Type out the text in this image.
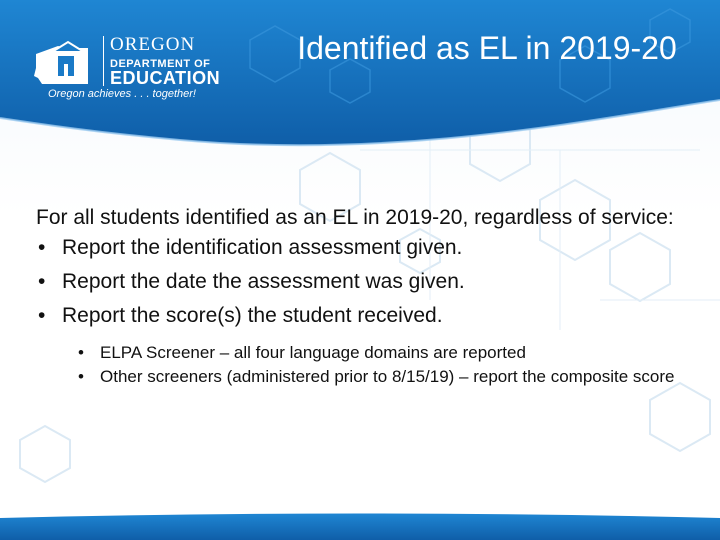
OREGON
DEPARTMENT OF
EDUCATION
Oregon achieves . . . together!
Identified as EL in 2019-20

For all students identified as an EL in 2019-20, regardless of service:

• Report the identification assessment given.
• Report the date the assessment was given.
• Report the score(s) the student received.
• ELPA Screener – all four language domains are reported
• Other screeners (administered prior to 8/15/19) – report the composite score
